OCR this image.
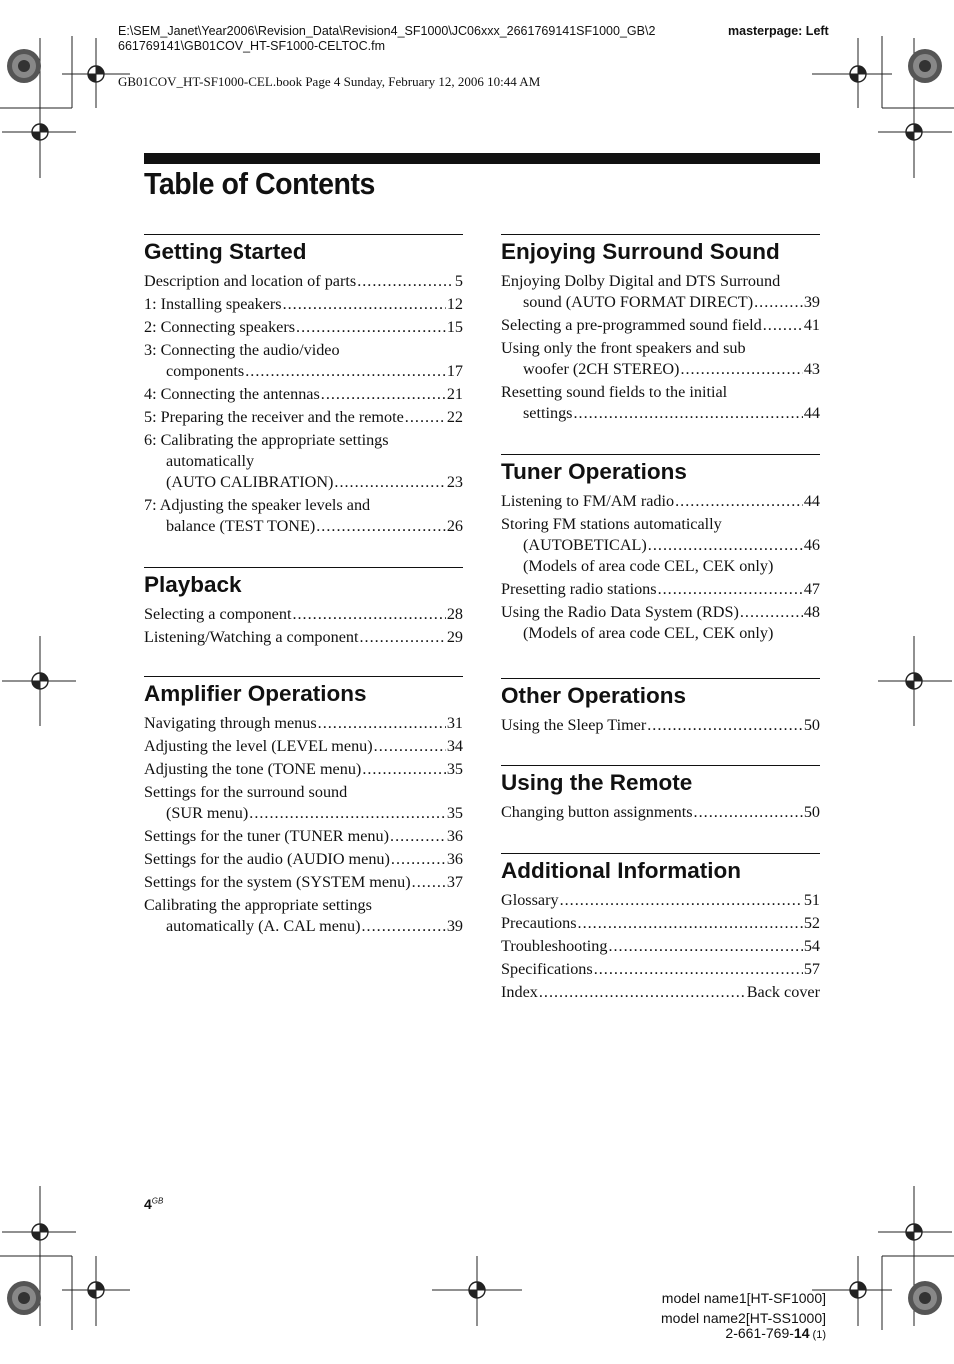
E:\SEM_Janet\Year2006\Revision_Data\Revision4_SF1000\JC06xxx_2661769141SF1000_GB\2
661769141\GB01COV_HT-SF1000-CELTOC.fm
masterpage: Left
GB01COV_HT-SF1000-CEL.book Page 4 Sunday, February 12, 2006 10:44 AM
Table of Contents
Getting Started
Description and location of parts .....	5
1: Installing speakers .....	12
2: Connecting speakers .....	15
3: Connecting the audio/video
components .....	17
4: Connecting the antennas .....	21
5: Preparing the receiver and the remote .....	22
6: Calibrating the appropriate settings
automatically
(AUTO CALIBRATION) .....	23
7: Adjusting the speaker levels and
balance (TEST TONE) .....	26
Playback
Selecting a component .....	28
Listening/Watching a component .....	29
Amplifier Operations
Navigating through menus .....	31
Adjusting the level (LEVEL menu) .....	34
Adjusting the tone (TONE menu) .....	35
Settings for the surround sound
(SUR menu) .....	35
Settings for the tuner (TUNER menu) .....	36
Settings for the audio (AUDIO menu) .....	36
Settings for the system (SYSTEM menu) ..... 37
Calibrating the appropriate settings
automatically (A. CAL menu) .....	39
Enjoying Surround Sound
Enjoying Dolby Digital and DTS Surround
sound (AUTO FORMAT DIRECT) .....	39
Selecting a pre-programmed sound field .....	41
Using only the front speakers and sub
woofer (2CH STEREO) .....	43
Resetting sound fields to the initial
settings .....	44
Tuner Operations
Listening to FM/AM radio .....	44
Storing FM stations automatically
(AUTOBETICAL) .....	46
(Models of area code CEL, CEK only)
Presetting radio stations .....	47
Using the Radio Data System (RDS) .....	48
(Models of area code CEL, CEK only)
Other Operations
Using the Sleep Timer .....	50
Using the Remote
Changing button assignments .....	50
Additional Information
Glossary .....	51
Precautions .....	52
Troubleshooting .....	54
Specifications .....	57
Index .....	Back cover
$4^{GB}$
model name1[HT-SF1000]
model name2[HT-SS1000]
2-661-769-14 (1)
